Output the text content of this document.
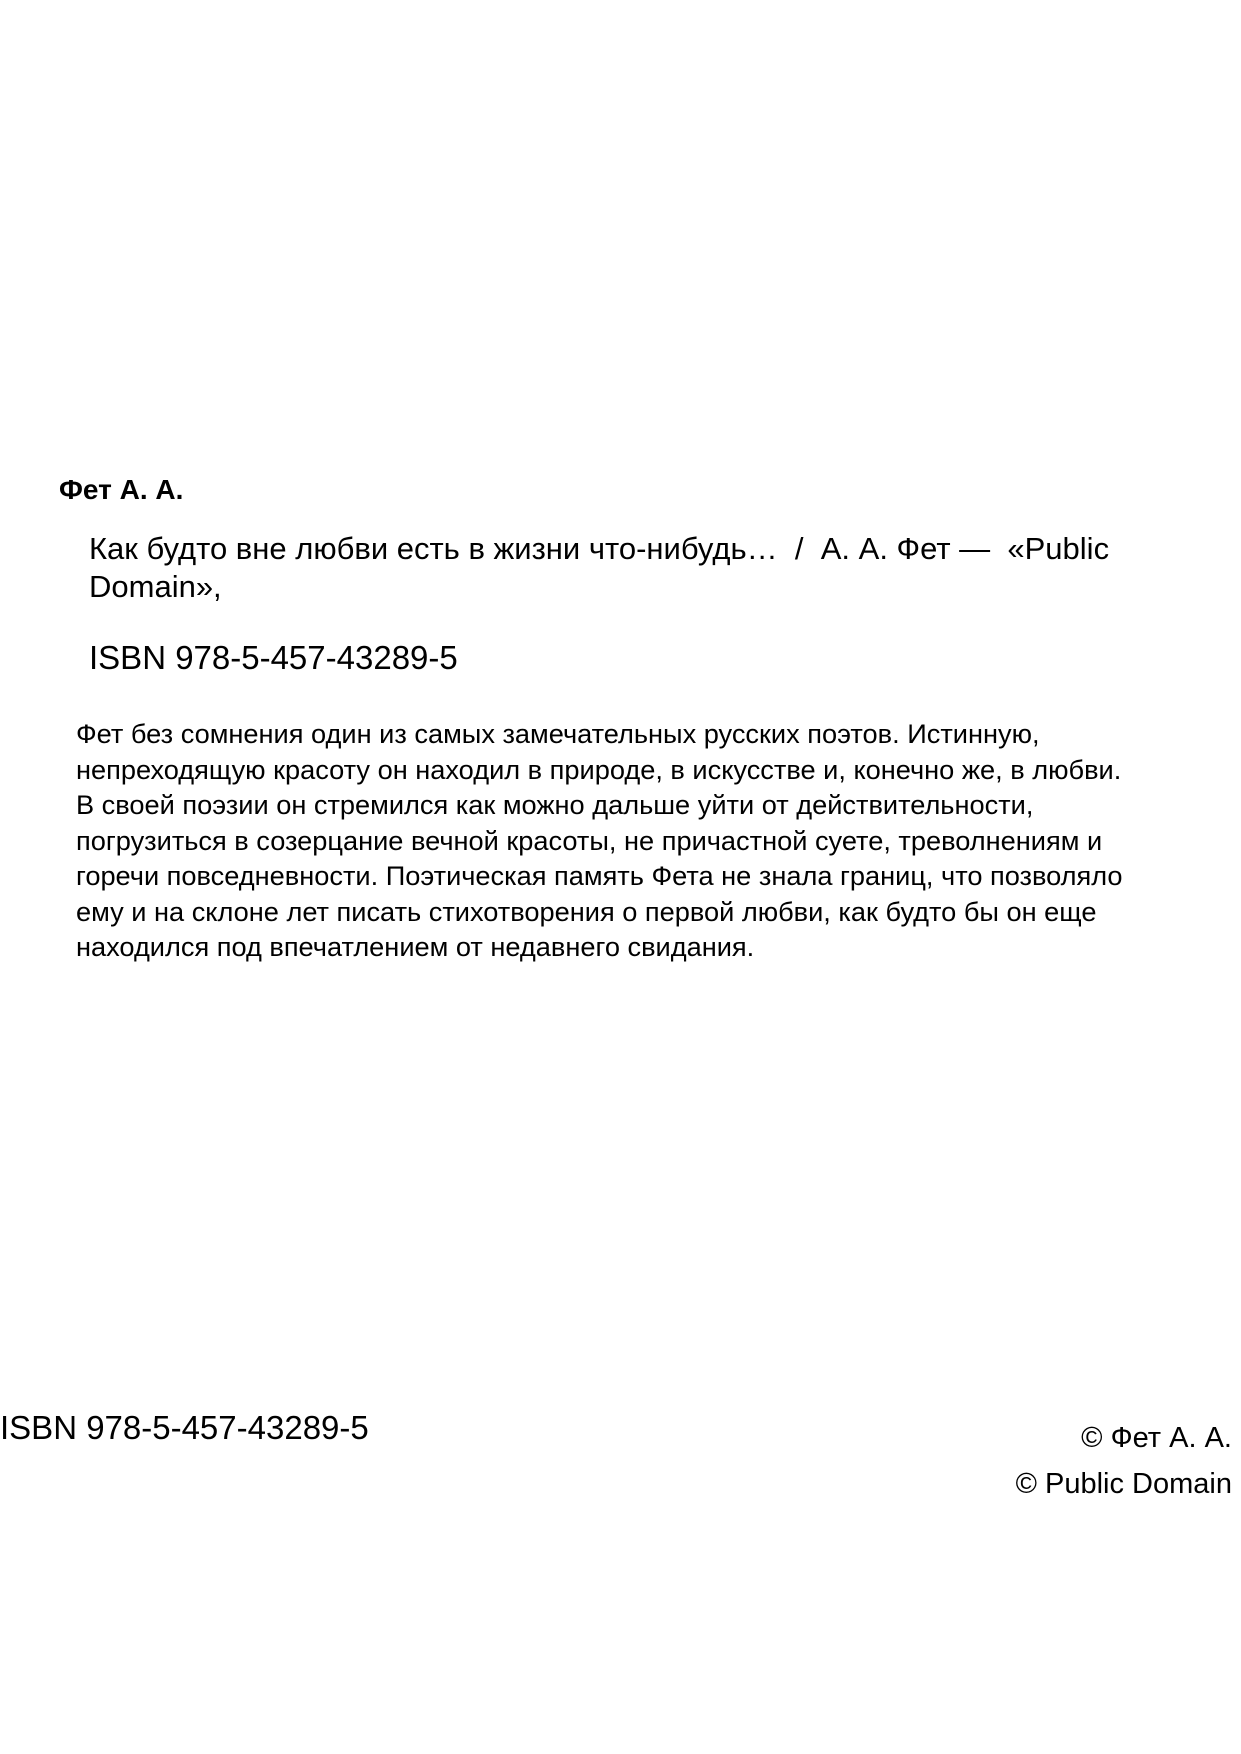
Фет А. А.
Как будто вне любви есть в жизни что-нибудь… / А. А. Фет — «Public Domain»,
ISBN 978-5-457-43289-5
Фет без сомнения один из самых замечательных русских поэтов. Истинную,
непреходящую красоту он находил в природе, в искусстве и, конечно же, в любви.
В своей поэзии он стремился как можно дальше уйти от действительности,
погрузиться в созерцание вечной красоты, не причастной суете, треволнениям и
горечи повседневности. Поэтическая память Фета не знала границ, что позволяло
ему и на склоне лет писать стихотворения о первой любви, как будто бы он еще
находился под впечатлением от недавнего свидания.
ISBN 978-5-457-43289-5	© Фет А. А.
© Public Domain
